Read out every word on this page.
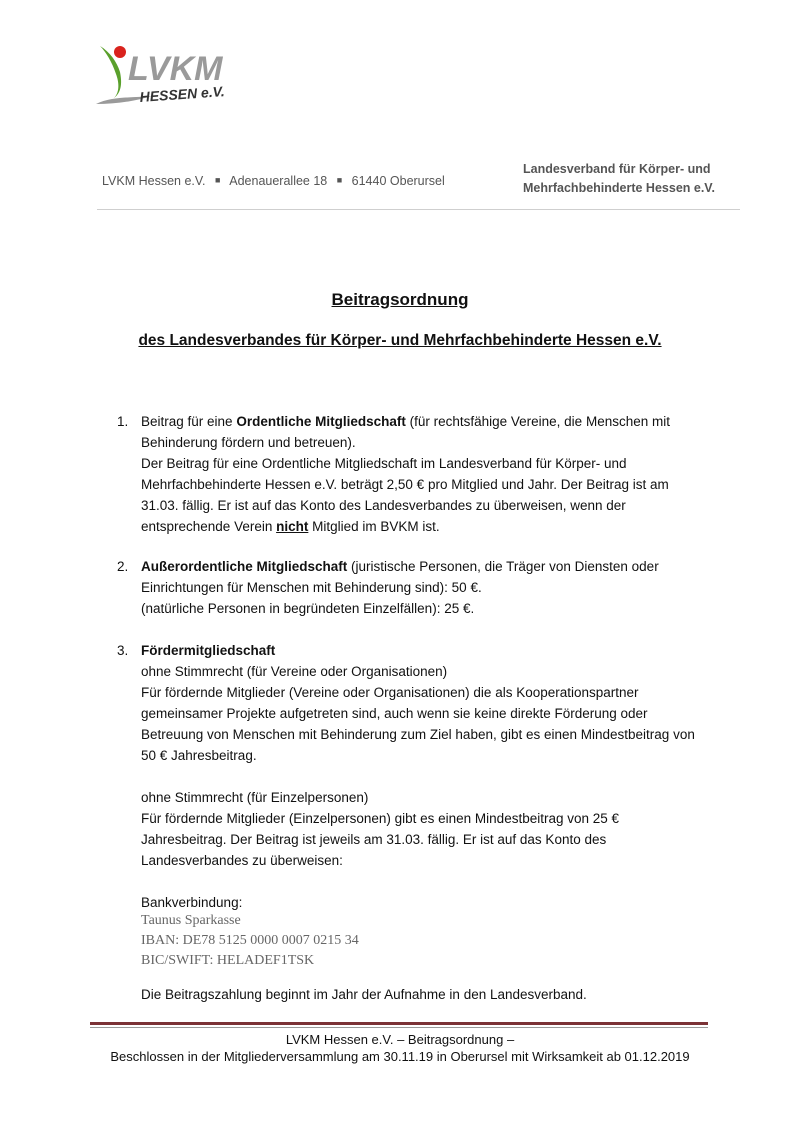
LVKM
HESSEN e.V.
LVKM Hessen e.V. ■ Adenauerallee 18 ■ 61440 Oberursel
Landesverband für Körper- und
Mehrfachbehinderte Hessen e.V.
Beitragsordnung
des Landesverbandes für Körper- und Mehrfachbehinderte Hessen e.V.
1. Beitrag für eine Ordentliche Mitgliedschaft (für rechtsfähige Vereine, die Menschen mit
Behinderung fördern und betreuen).
Der Beitrag für eine Ordentliche Mitgliedschaft im Landesverband für Körper- und
Mehrfachbehinderte Hessen e.V. beträgt 2,50 € pro Mitglied und Jahr. Der Beitrag ist am
31.03. fällig. Er ist auf das Konto des Landesverbandes zu überweisen, wenn der
entsprechende Verein nicht Mitglied im BVKM ist.
2. Außerordentliche Mitgliedschaft (juristische Personen, die Träger von Diensten oder
Einrichtungen für Menschen mit Behinderung sind): 50 €.
(natürliche Personen in begründeten Einzelfällen): 25 €.
3. Fördermitgliedschaft
ohne Stimmrecht (für Vereine oder Organisationen)
Für fördernde Mitglieder (Vereine oder Organisationen) die als Kooperationspartner
gemeinsamer Projekte aufgetreten sind, auch wenn sie keine direkte Förderung oder
Betreuung von Menschen mit Behinderung zum Ziel haben, gibt es einen Mindestbeitrag von
50 € Jahresbeitrag.
ohne Stimmrecht (für Einzelpersonen)
Für fördernde Mitglieder (Einzelpersonen) gibt es einen Mindestbeitrag von 25 €
Jahresbeitrag. Der Beitrag ist jeweils am 31.03. fällig. Er ist auf das Konto des
Landesverbandes zu überweisen:
Bankverbindung:
Taunus Sparkasse
IBAN: DE78 5125 0000 0007 0215 34
BIC/SWIFT: HELADEF1TSK
Die Beitragszahlung beginnt im Jahr der Aufnahme in den Landesverband.
LVKM Hessen e.V. – Beitragsordnung –
Beschlossen in der Mitgliederversammlung am 30.11.19 in Oberursel mit Wirksamkeit ab 01.12.2019
